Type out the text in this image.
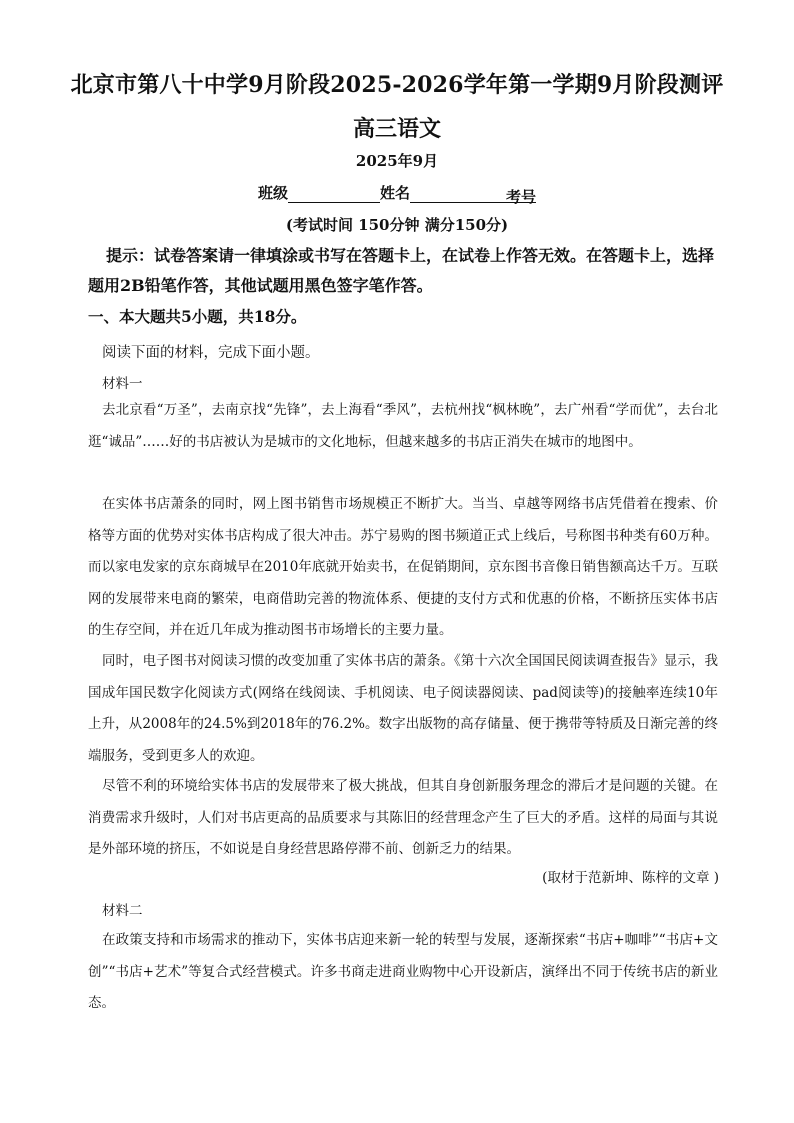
北京市第八十中学9月阶段2025-2026学年第一学期9月阶段测评
高三语文
2025年9月
班级	姓名	考号
(考试时间 150分钟 满分150分)
提示：试卷答案请一律填涂或书写在答题卡上，在试卷上作答无效。在答题卡上，选择题用2B铅笔作答，其他试题用黑色签字笔作答。
一、本大题共5小题，共18分。
阅读下面的材料，完成下面小题。
材料一
去北京看“万圣”，去南京找“先锋”，去上海看“季风”，去杭州找“枫林晚”，去广州看“学而优”，去台北逛“诚品”……好的书店被认为是城市的文化地标，但越来越多的书店正消失在城市的地图中。
在实体书店萧条的同时，网上图书销售市场规模正不断扩大。当当、卓越等网络书店凭借着在搜索、价格等方面的优势对实体书店构成了很大冲击。苏宁易购的图书频道正式上线后，号称图书种类有60万种。而以家电发家的京东商城早在2010年底就开始卖书，在促销期间，京东图书音像日销售额高达千万。互联网的发展带来电商的繁荣，电商借助完善的物流体系、便捷的支付方式和优惠的价格，不断挤压实体书店的生存空间，并在近几年成为推动图书市场增长的主要力量。
同时，电子图书对阅读习惯的改变加重了实体书店的萧条。《第十六次全国国民阅读调查报告》显示，我国成年国民数字化阅读方式(网络在线阅读、手机阅读、电子阅读器阅读、pad阅读等)的接触率连续10年上升，从2008年的24.5%到2018年的76.2%。数字出版物的高存储量、便于携带等特质及日渐完善的终端服务，受到更多人的欢迎。
尽管不利的环境给实体书店的发展带来了极大挑战，但其自身创新服务理念的滞后才是问题的关键。在消费需求升级时，人们对书店更高的品质要求与其陈旧的经营理念产生了巨大的矛盾。这样的局面与其说是外部环境的挤压，不如说是自身经营思路停滞不前、创新乏力的结果。
(取材于范新坤、陈梓的文章 )
材料二
在政策支持和市场需求的推动下，实体书店迎来新一轮的转型与发展，逐渐探索“书店+咖啡”“书店+文创”“书店+艺术”等复合式经营模式。许多书商走进商业购物中心开设新店，演绎出不同于传统书店的新业态。
